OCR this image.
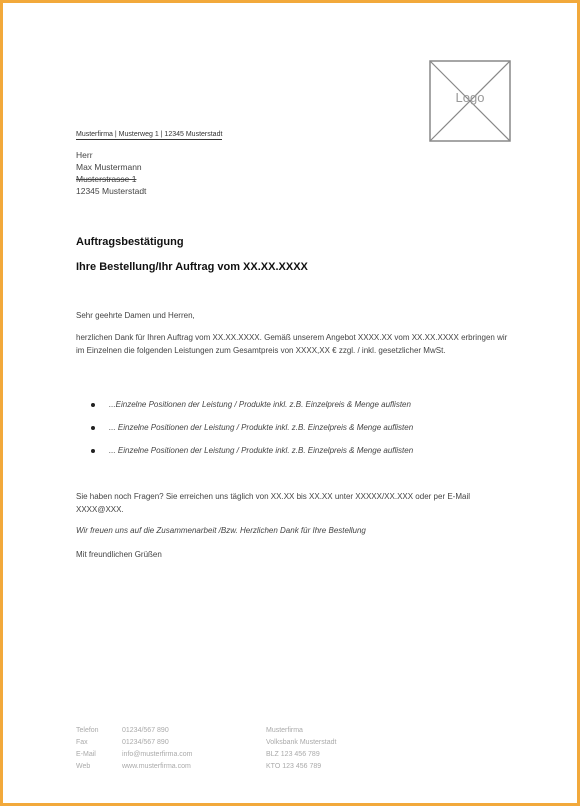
Logo
Musterfirma | Musterweg 1 | 12345 Musterstadt
Herr
Max Mustermann
Musterstrasse 1
12345 Musterstadt
Auftragsbestätigung
Ihre Bestellung/Ihr Auftrag vom XX.XX.XXXX
Sehr geehrte Damen und Herren,
herzlichen Dank für Ihren Auftrag vom XX.XX.XXXX. Gemäß unserem Angebot XXXX.XX vom XX.XX.XXXX erbringen wir im Einzelnen die folgenden Leistungen zum Gesamtpreis von XXXX,XX € zzgl. / inkl. gesetzlicher MwSt.
...Einzelne Positionen der Leistung / Produkte inkl. z.B. Einzelpreis & Menge auflisten
... Einzelne Positionen der Leistung / Produkte inkl. z.B. Einzelpreis & Menge auflisten
... Einzelne Positionen der Leistung / Produkte inkl. z.B. Einzelpreis & Menge auflisten
Sie haben noch Fragen? Sie erreichen uns täglich von XX.XX bis XX.XX unter XXXXX/XX.XXX oder per E-Mail XXXX@XXX.
Wir freuen uns auf die Zusammenarbeit /Bzw. Herzlichen Dank für Ihre Bestellung
Mit freundlichen Grüßen
Telefon	01234/567 890
Fax	01234/567 890
E-Mail	info@musterfirma.com
Web	www.musterfirma.com
Musterfirma
Volksbank Musterstadt
BLZ 123 456 789
KTO 123 456 789
